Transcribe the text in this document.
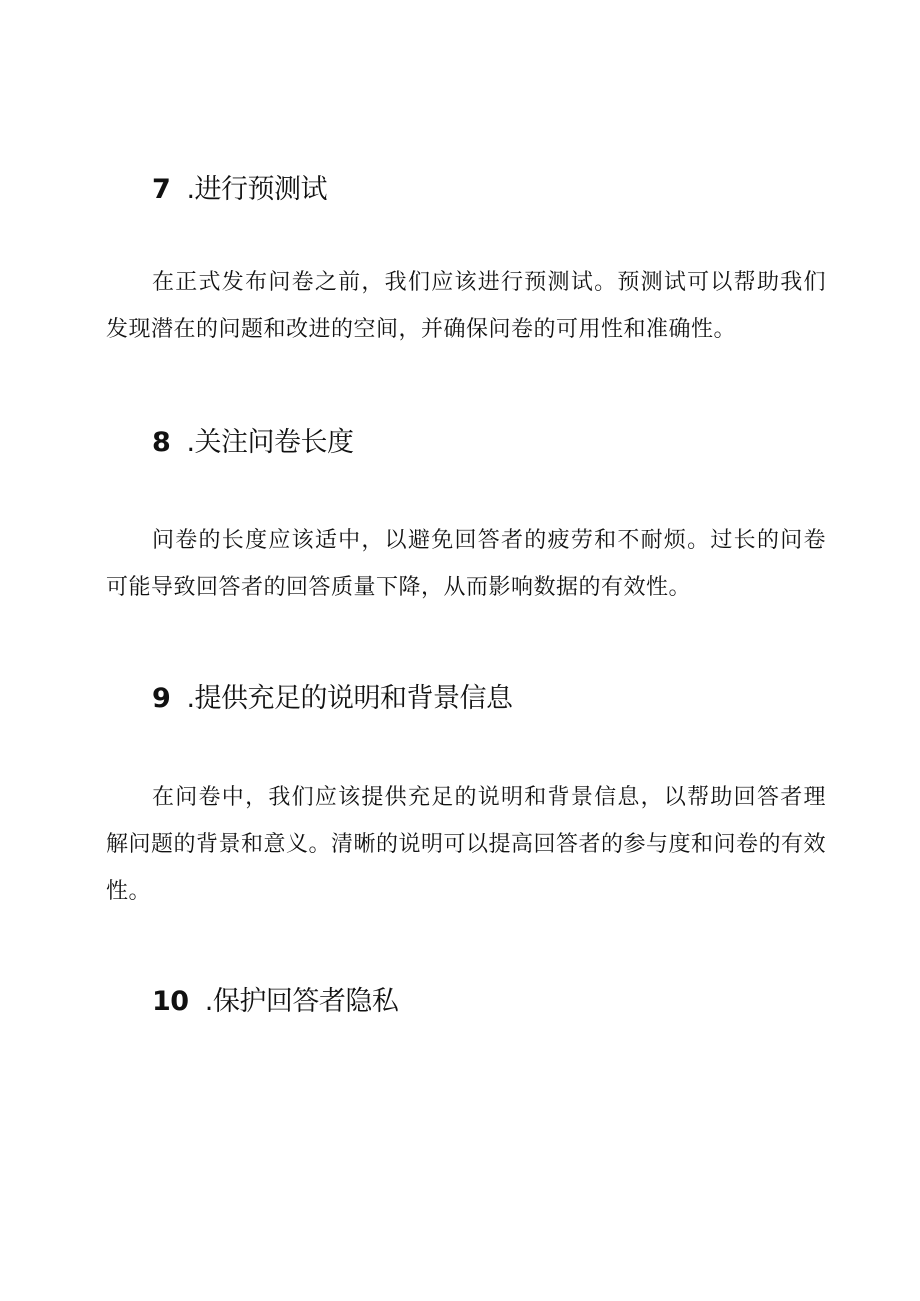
7 .进行预测试

在正式发布问卷之前，我们应该进行预测试。预测试可以帮助我们发现潜在的问题和改进的空间，并确保问卷的可用性和准确性。

8 .关注问卷长度

问卷的长度应该适中，以避免回答者的疲劳和不耐烦。过长的问卷可能导致回答者的回答质量下降，从而影响数据的有效性。

9 .提供充足的说明和背景信息

在问卷中，我们应该提供充足的说明和背景信息，以帮助回答者理解问题的背景和意义。清晰的说明可以提高回答者的参与度和问卷的有效性。

10 .保护回答者隐私
